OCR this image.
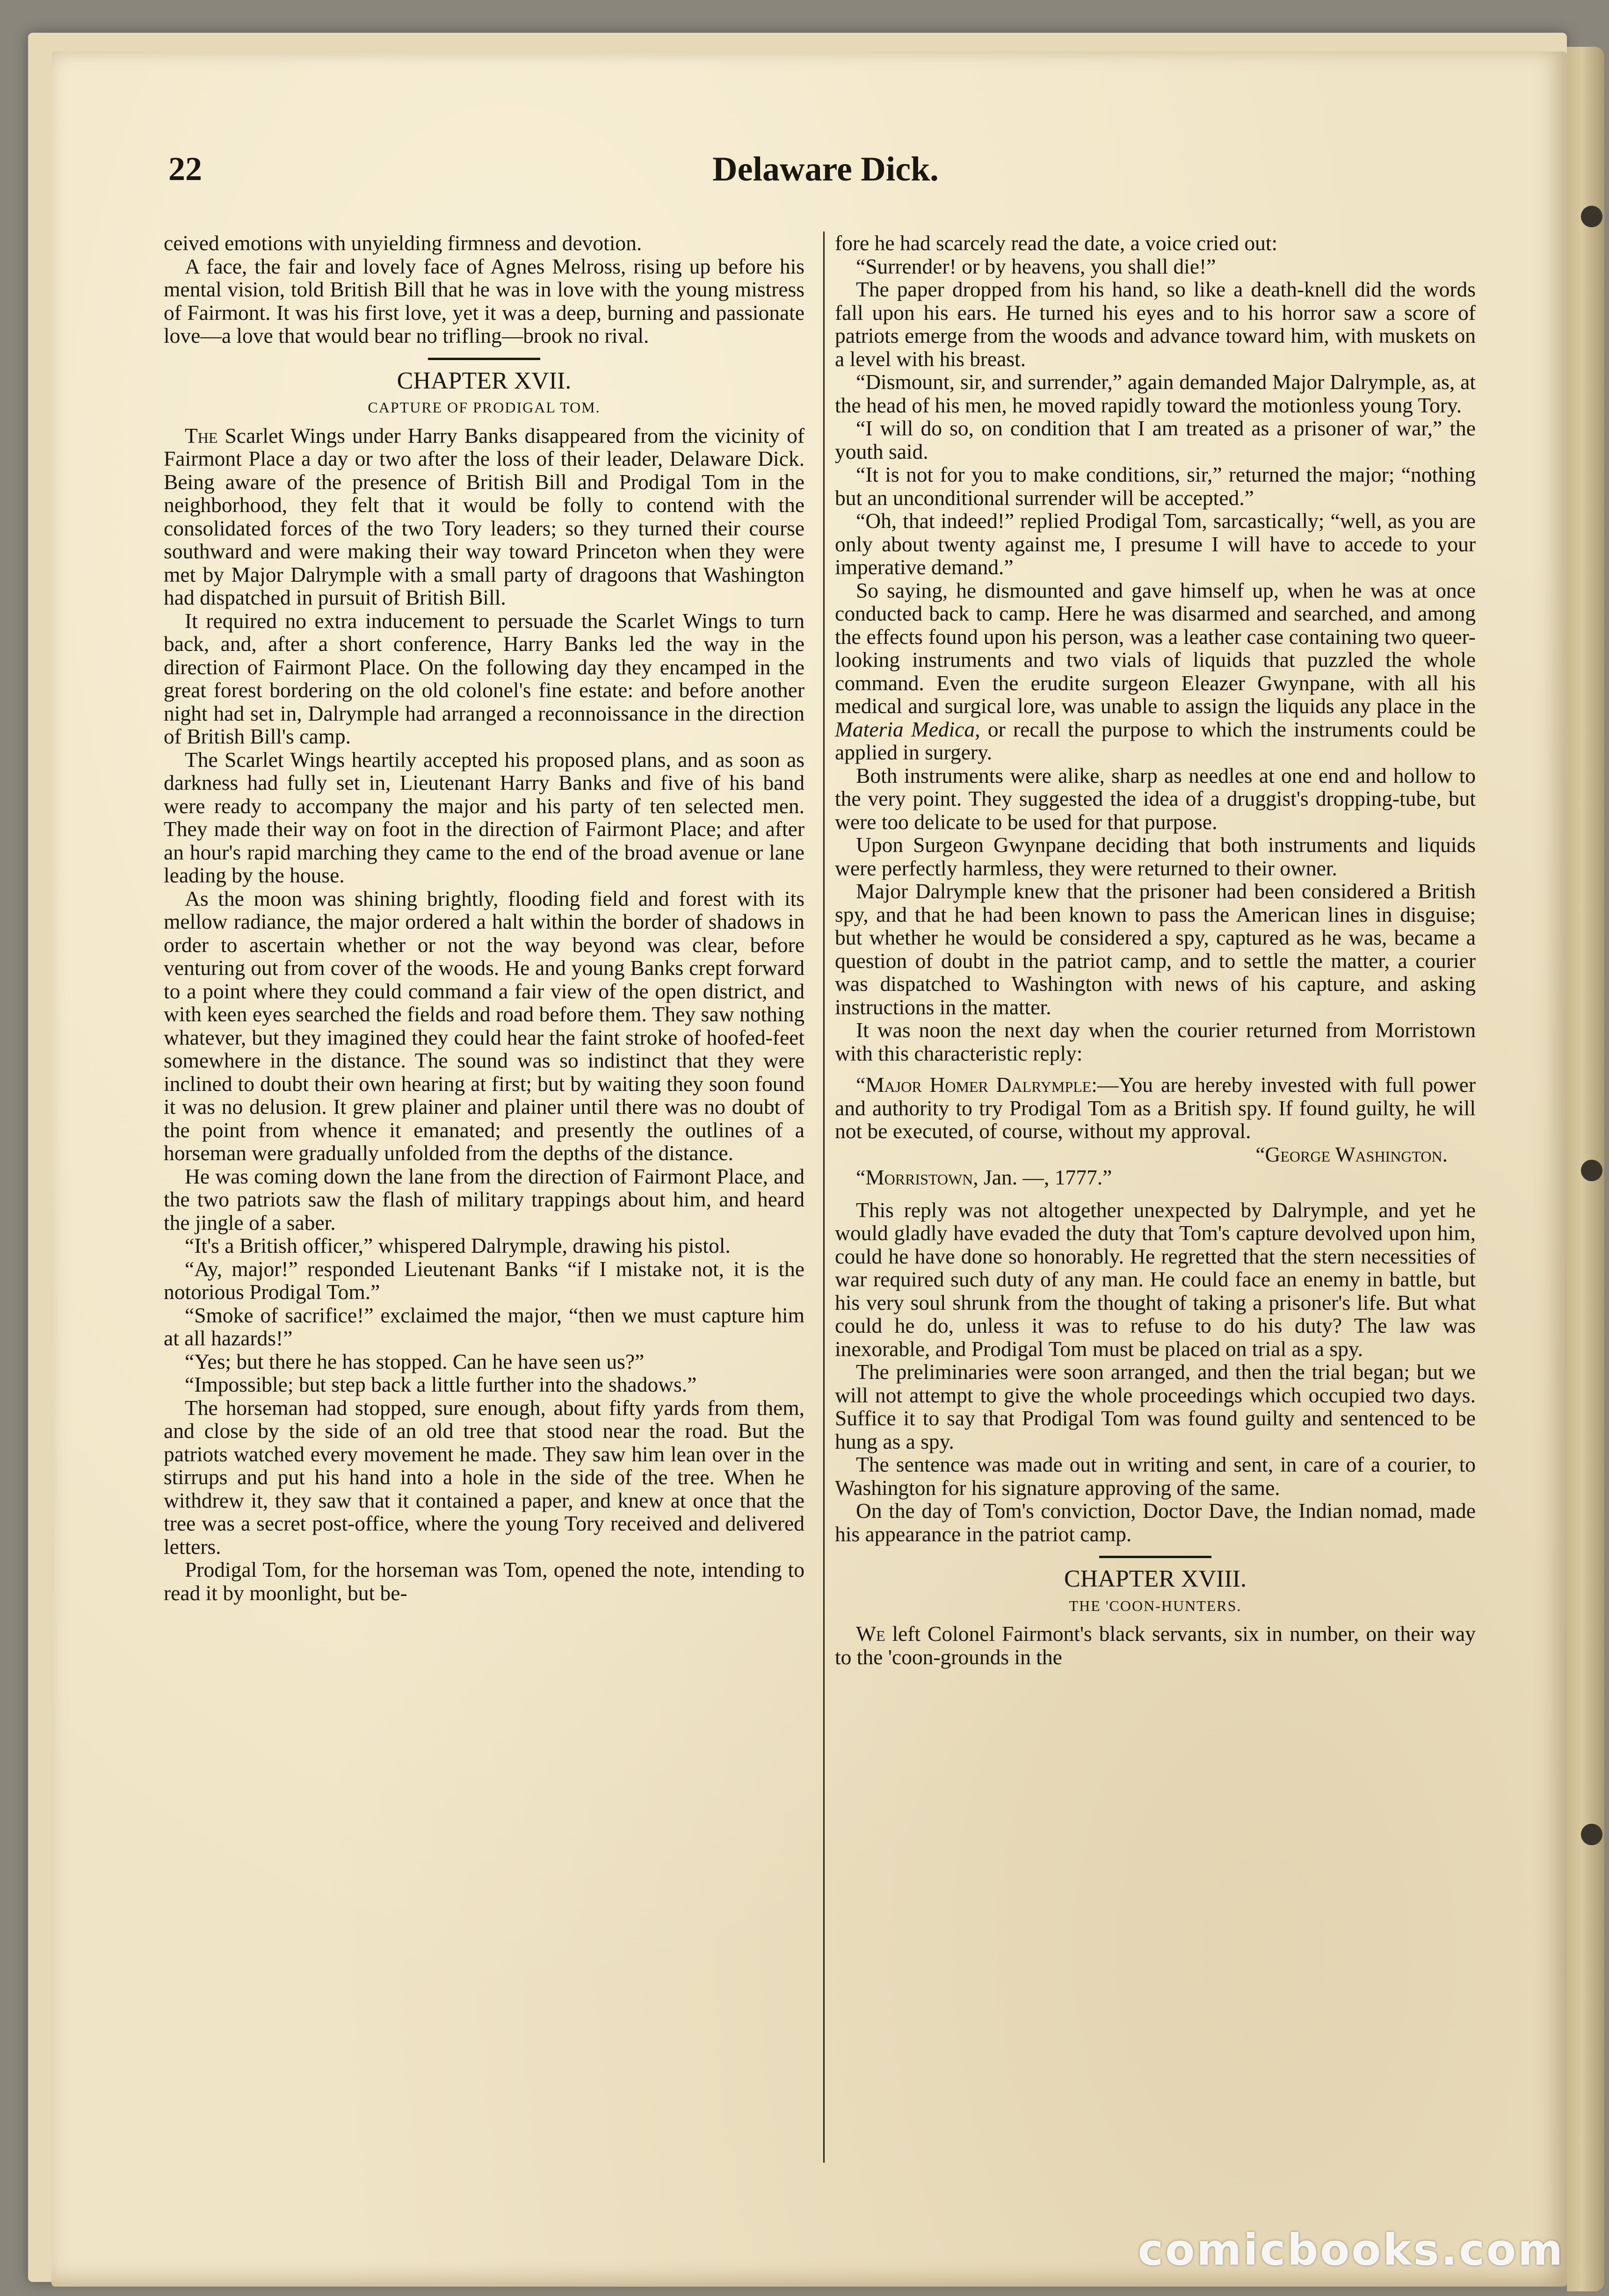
22	Delaware Dick.

ceived emotions with unyielding firmness and devotion.

A face, the fair and lovely face of Agnes Melross, rising up before his mental vision, told British Bill that he was in love with the young mistress of Fairmont. It was his first love, yet it was a deep, burning and passionate love—a love that would bear no trifling—brook no rival.

CHAPTER XVII.

CAPTURE OF PRODIGAL TOM.

The Scarlet Wings under Harry Banks disappeared from the vicinity of Fairmont Place a day or two after the loss of their leader, Delaware Dick. Being aware of the presence of British Bill and Prodigal Tom in the neighborhood, they felt that it would be folly to contend with the consolidated forces of the two Tory leaders; so they turned their course southward and were making their way toward Princeton when they were met by Major Dalrymple with a small party of dragoons that Washington had dispatched in pursuit of British Bill.

It required no extra inducement to persuade the Scarlet Wings to turn back, and, after a short conference, Harry Banks led the way in the direction of Fairmont Place. On the following day they encamped in the great forest bordering on the old colonel's fine estate: and before another night had set in, Dalrymple had arranged a reconnoissance in the direction of British Bill's camp.

The Scarlet Wings heartily accepted his proposed plans, and as soon as darkness had fully set in, Lieutenant Harry Banks and five of his band were ready to accompany the major and his party of ten selected men. They made their way on foot in the direction of Fairmont Place; and after an hour's rapid marching they came to the end of the broad avenue or lane leading by the house.

As the moon was shining brightly, flooding field and forest with its mellow radiance, the major ordered a halt within the border of shadows in order to ascertain whether or not the way beyond was clear, before venturing out from cover of the woods. He and young Banks crept forward to a point where they could command a fair view of the open district, and with keen eyes searched the fields and road before them. They saw nothing whatever, but they imagined they could hear the faint stroke of hoofed-feet somewhere in the distance. The sound was so indistinct that they were inclined to doubt their own hearing at first; but by waiting they soon found it was no delusion. It grew plainer and plainer until there was no doubt of the point from whence it emanated; and presently the outlines of a horseman were gradually unfolded from the depths of the distance.

He was coming down the lane from the direction of Fairmont Place, and the two patriots saw the flash of military trappings about him, and heard the jingle of a saber.

“It's a British officer,” whispered Dalrymple, drawing his pistol.

“Ay, major!” responded Lieutenant Banks “if I mistake not, it is the notorious Prodigal Tom.”

“Smoke of sacrifice!” exclaimed the major, “then we must capture him at all hazards!”

“Yes; but there he has stopped. Can he have seen us?”

“Impossible; but step back a little further into the shadows.”

The horseman had stopped, sure enough, about fifty yards from them, and close by the side of an old tree that stood near the road. But the patriots watched every movement he made. They saw him lean over in the stirrups and put his hand into a hole in the side of the tree. When he withdrew it, they saw that it contained a paper, and knew at once that the tree was a secret post-office, where the young Tory received and delivered letters.

Prodigal Tom, for the horseman was Tom, opened the note, intending to read it by moonlight, but be-

fore he had scarcely read the date, a voice cried out:

“Surrender! or by heavens, you shall die!”

The paper dropped from his hand, so like a death-knell did the words fall upon his ears. He turned his eyes and to his horror saw a score of patriots emerge from the woods and advance toward him, with muskets on a level with his breast.

“Dismount, sir, and surrender,” again demanded Major Dalrymple, as, at the head of his men, he moved rapidly toward the motionless young Tory.

“I will do so, on condition that I am treated as a prisoner of war,” the youth said.

“It is not for you to make conditions, sir,” returned the major; “nothing but an unconditional surrender will be accepted.”

“Oh, that indeed!” replied Prodigal Tom, sarcastically; “well, as you are only about twenty against me, I presume I will have to accede to your imperative demand.”

So saying, he dismounted and gave himself up, when he was at once conducted back to camp. Here he was disarmed and searched, and among the effects found upon his person, was a leather case containing two queer-looking instruments and two vials of liquids that puzzled the whole command. Even the erudite surgeon Eleazer Gwynpane, with all his medical and surgical lore, was unable to assign the liquids any place in the Materia Medica, or recall the purpose to which the instruments could be applied in surgery.

Both instruments were alike, sharp as needles at one end and hollow to the very point. They suggested the idea of a druggist's dropping-tube, but were too delicate to be used for that purpose.

Upon Surgeon Gwynpane deciding that both instruments and liquids were perfectly harmless, they were returned to their owner.

Major Dalrymple knew that the prisoner had been considered a British spy, and that he had been known to pass the American lines in disguise; but whether he would be considered a spy, captured as he was, became a question of doubt in the patriot camp, and to settle the matter, a courier was dispatched to Washington with news of his capture, and asking instructions in the matter.

It was noon the next day when the courier returned from Morristown with this characteristic reply:

“Major Homer Dalrymple:—You are hereby invested with full power and authority to try Prodigal Tom as a British spy. If found guilty, he will not be executed, of course, without my approval.

“George Washington.

“Morristown, Jan. —, 1777.”

This reply was not altogether unexpected by Dalrymple, and yet he would gladly have evaded the duty that Tom's capture devolved upon him, could he have done so honorably. He regretted that the stern necessities of war required such duty of any man. He could face an enemy in battle, but his very soul shrunk from the thought of taking a prisoner's life. But what could he do, unless it was to refuse to do his duty? The law was inexorable, and Prodigal Tom must be placed on trial as a spy.

The preliminaries were soon arranged, and then the trial began; but we will not attempt to give the whole proceedings which occupied two days. Suffice it to say that Prodigal Tom was found guilty and sentenced to be hung as a spy.

The sentence was made out in writing and sent, in care of a courier, to Washington for his signature approving of the same.

On the day of Tom's conviction, Doctor Dave, the Indian nomad, made his appearance in the patriot camp.

CHAPTER XVIII.

THE 'COON-HUNTERS.

We left Colonel Fairmont's black servants, six in number, on their way to the 'coon-grounds in the

comicbooks.com
